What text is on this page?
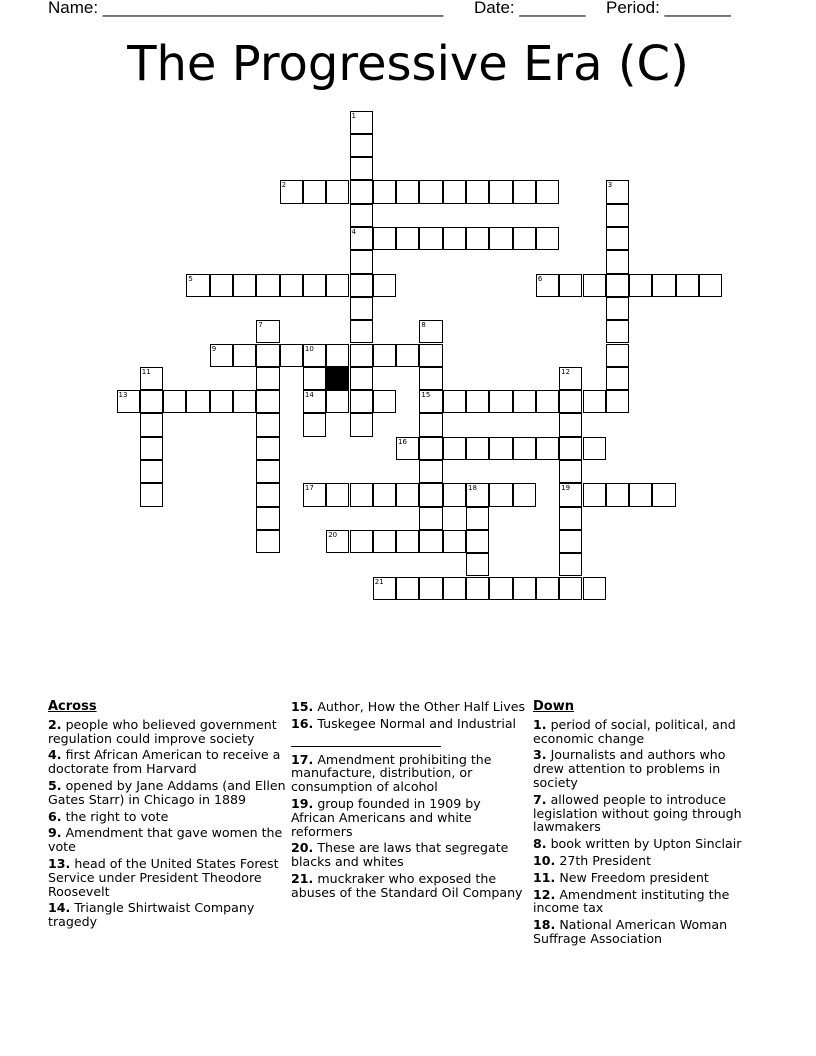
Name: ____________________________________ Date: _______ Period: _______
The Progressive Era (C)
2
4
5	6
9
13	14	15
16
17	19
20
21
1
3
7	8
10
11	12
18
Across
2. people who believed government regulation could improve society
4. first African American to receive a doctorate from Harvard
5. opened by Jane Addams (and Ellen Gates Starr) in Chicago in 1889
6. the right to vote
9. Amendment that gave women the vote
13. head of the United States Forest Service under President Theodore Roosevelt
14. Triangle Shirtwaist Company tragedy
15. Author, How the Other Half Lives
16. Tuskegee Normal and Industrial
17. Amendment prohibiting the manufacture, distribution, or consumption of alcohol
19. group founded in 1909 by African Americans and white reformers
20. These are laws that segregate blacks and whites
21. muckraker who exposed the abuses of the Standard Oil Company
Down
1. period of social, political, and economic change
3. Journalists and authors who drew attention to problems in society
7. allowed people to introduce legislation without going through lawmakers
8. book written by Upton Sinclair
10. 27th President
11. New Freedom president
12. Amendment instituting the income tax
18. National American Woman Suffrage Association
